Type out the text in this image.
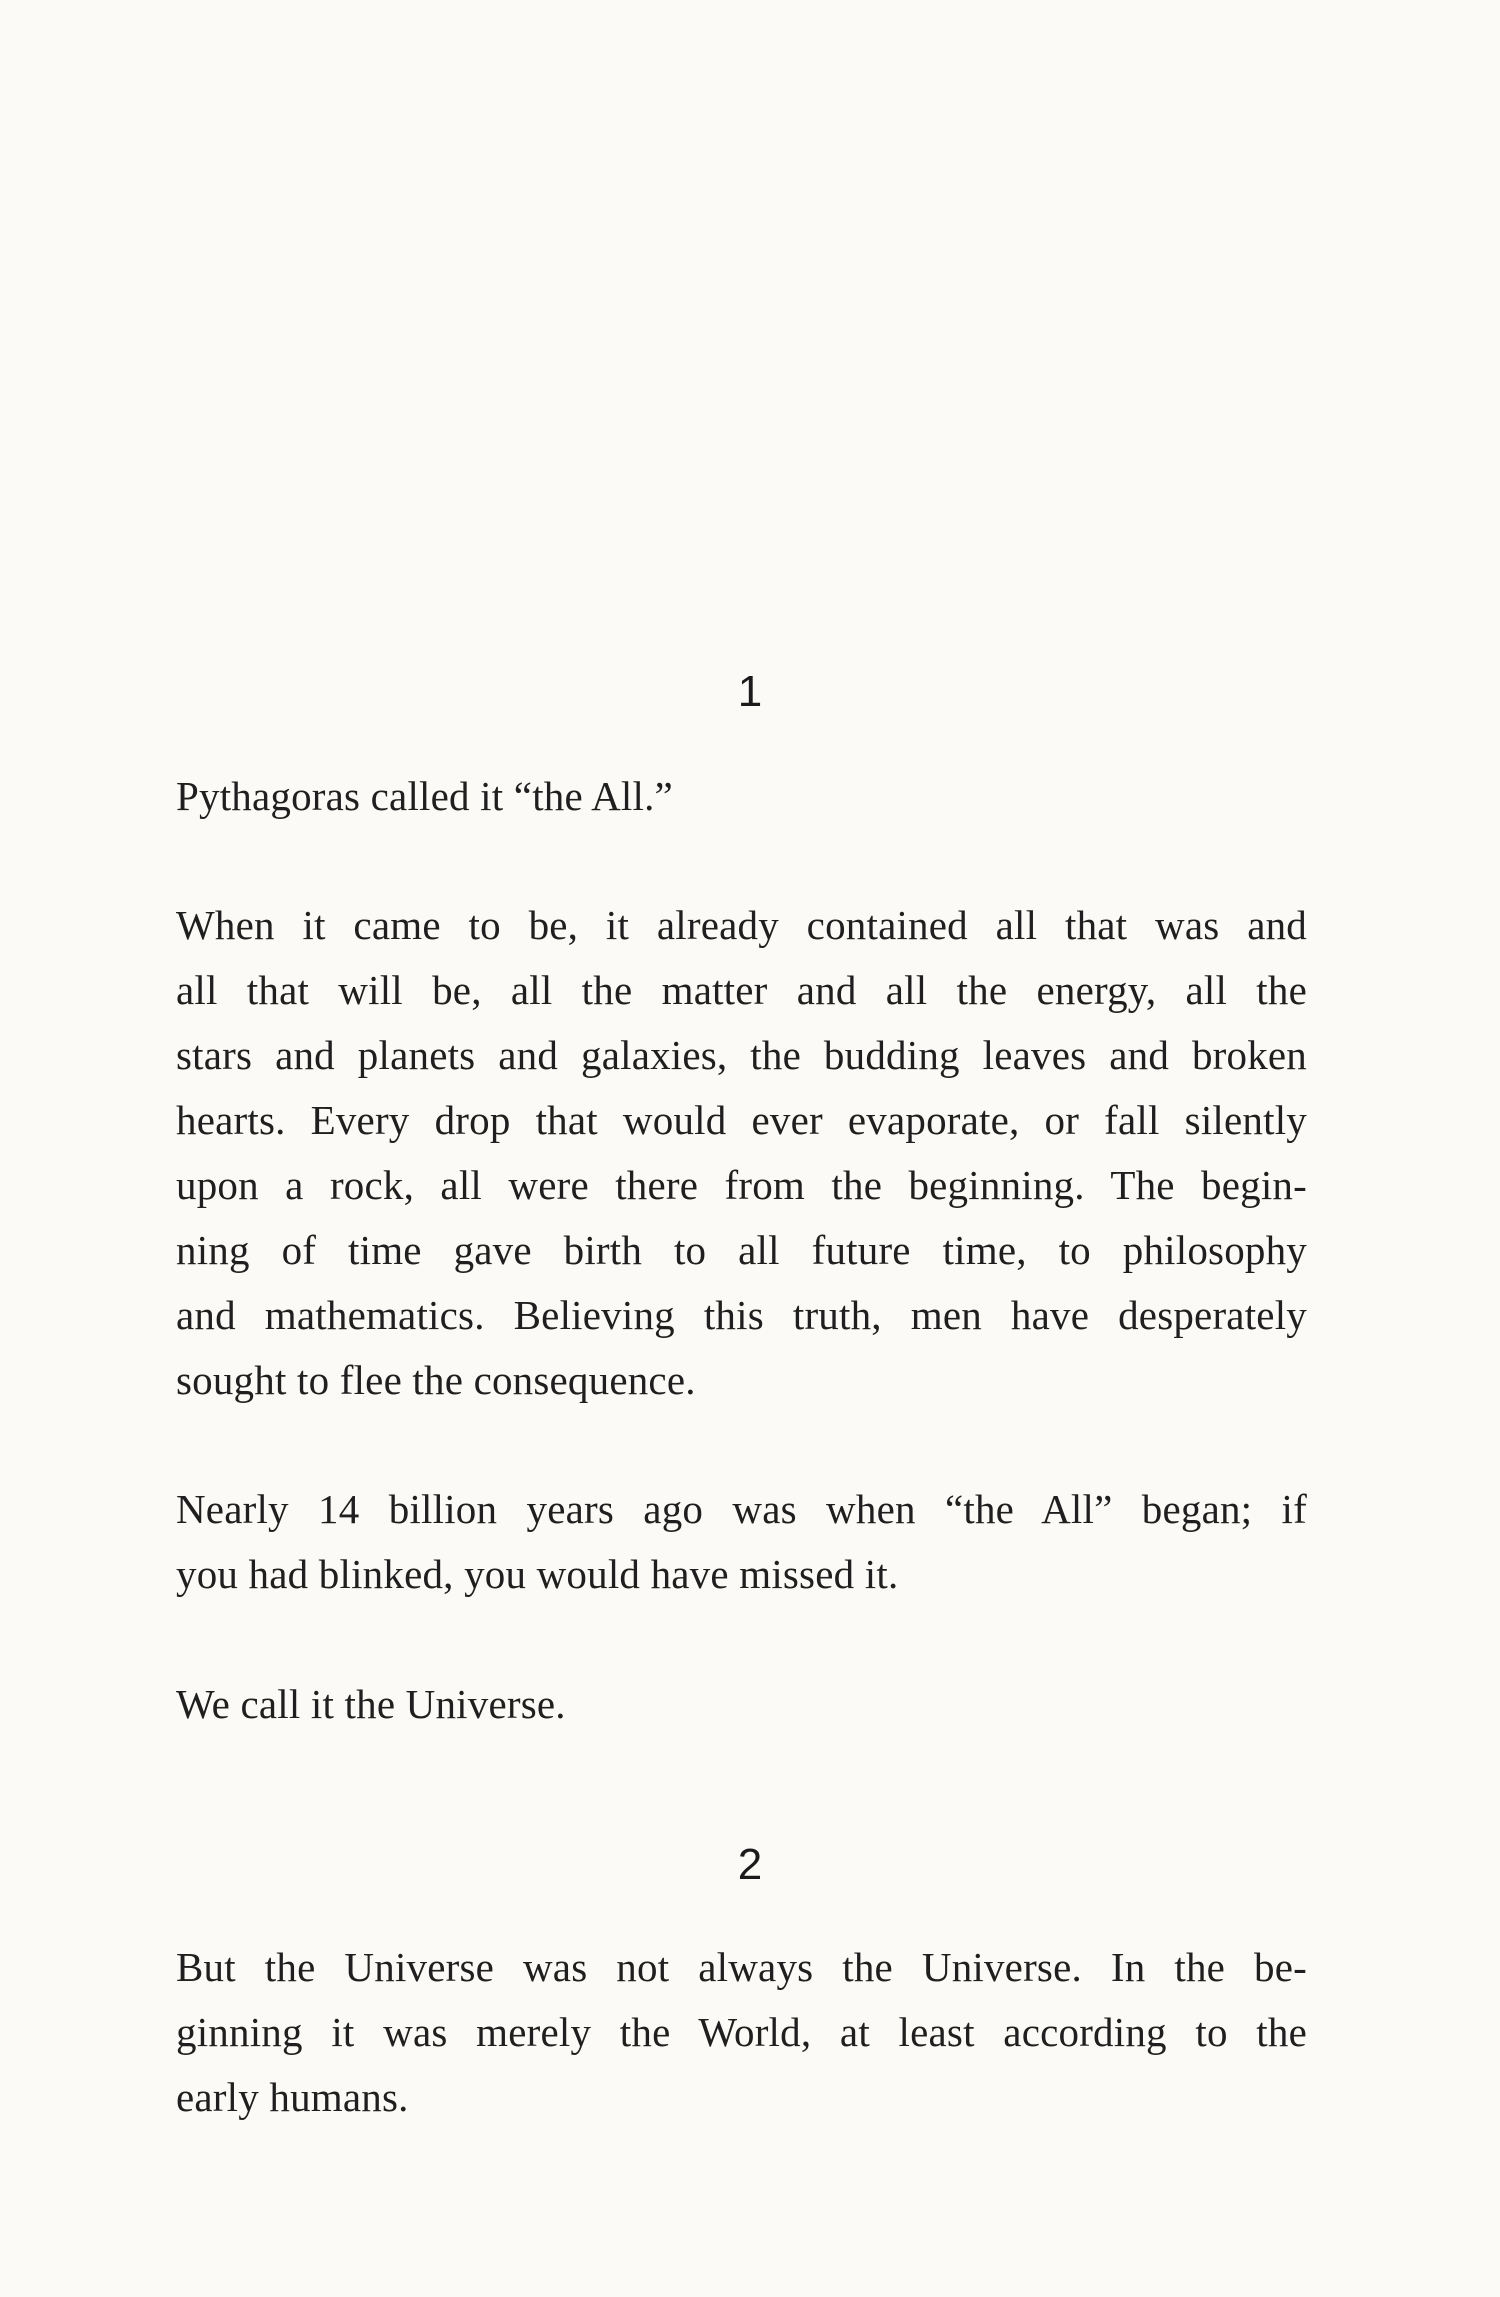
1

Pythagoras called it “the All.”

When it came to be, it already contained all that was and
all that will be, all the matter and all the energy, all the
stars and planets and galaxies, the budding leaves and broken
hearts. Every drop that would ever evaporate, or fall silently
upon a rock, all were there from the beginning. The begin-
ning of time gave birth to all future time, to philosophy
and mathematics. Believing this truth, men have desperately
sought to flee the consequence.

Nearly 14 billion years ago was when “the All” began; if
you had blinked, you would have missed it.

We call it the Universe.

2

But the Universe was not always the Universe. In the be-
ginning it was merely the World, at least according to the
early humans.
